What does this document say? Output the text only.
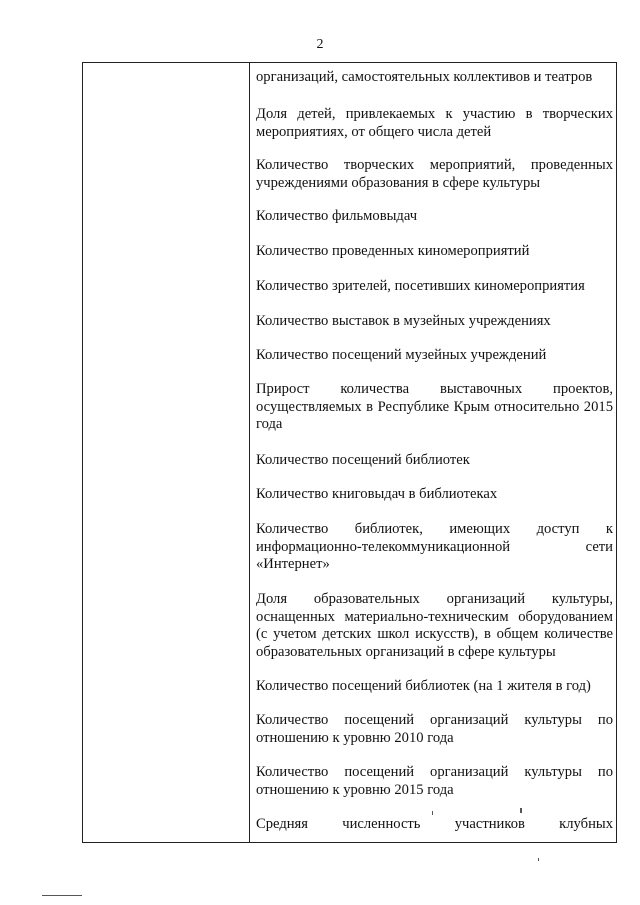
2

организаций, самостоятельных коллективов и театров

Доля детей, привлекаемых к участию в творческих мероприятиях, от общего числа детей

Количество творческих мероприятий, проведенных учреждениями образования в сфере культуры

Количество фильмовыдач

Количество проведенных киномероприятий

Количество зрителей, посетивших киномероприятия

Количество выставок в музейных учреждениях

Количество посещений музейных учреждений

Прирост количества выставочных проектов, осуществляемых в Республике Крым относительно 2015 года

Количество посещений библиотек

Количество книговыдач в библиотеках

Количество библиотек, имеющих доступ к информационно-телекоммуникационной сети «Интернет»

Доля образовательных организаций культуры, оснащенных материально-техническим оборудованием (с учетом детских школ искусств), в общем количестве образовательных организаций в сфере культуры

Количество посещений библиотек (на 1 жителя в год)

Количество посещений организаций культуры по отношению к уровню 2010 года

Количество посещений организаций культуры по отношению к уровню 2015 года

Средняя численность участников клубных
